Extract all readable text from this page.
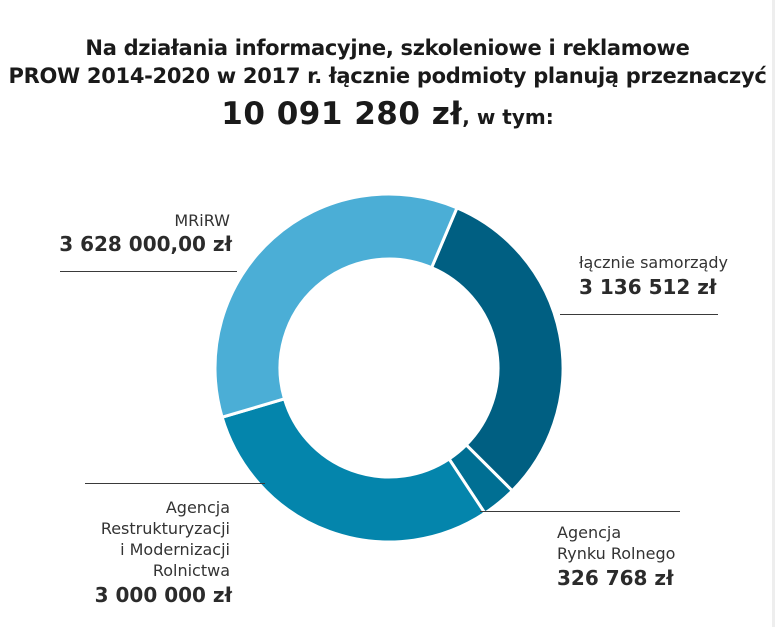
Na działania informacyjne, szkoleniowe i reklamowe
PROW 2014-2020 w 2017 r. łącznie podmioty planują przeznaczyć
10 091 280 zł, w tym:
MRiRW
3 628 000,00 zł
łącznie samorządy
3 136 512 zł
Agencja
Restrukturyzacji
i Modernizacji
Rolnictwa
3 000 000 zł
Agencja
Rynku Rolnego
326 768 zł
